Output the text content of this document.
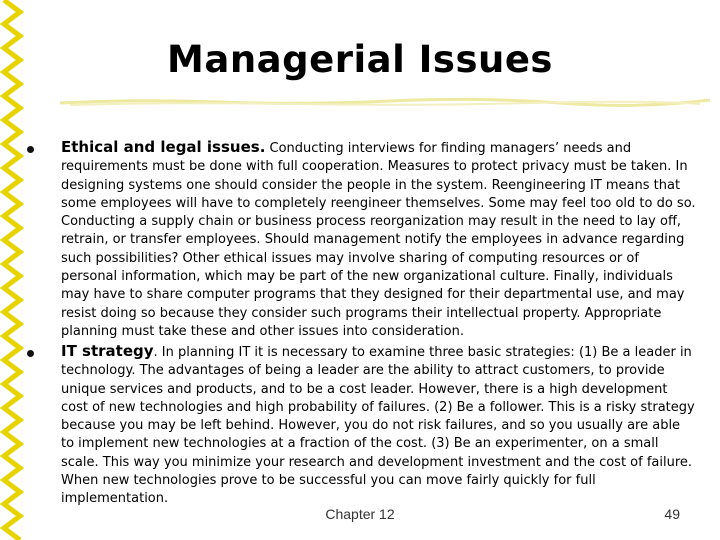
Managerial Issues
Ethical and legal issues. Conducting interviews for finding managers’ needs and requirements must be done with full cooperation. Measures to protect privacy must be taken. In designing systems one should consider the people in the system. Reengineering IT means that some employees will have to completely reengineer themselves. Some may feel too old to do so. Conducting a supply chain or business process reorganization may result in the need to lay off, retrain, or transfer employees. Should management notify the employees in advance regarding such possibilities? Other ethical issues may involve sharing of computing resources or of personal information, which may be part of the new organizational culture. Finally, individuals may have to share computer programs that they designed for their departmental use, and may resist doing so because they consider such programs their intellectual property. Appropriate planning must take these and other issues into consideration.
IT strategy. In planning IT it is necessary to examine three basic strategies: (1) Be a leader in technology. The advantages of being a leader are the ability to attract customers, to provide unique services and products, and to be a cost leader. However, there is a high development cost of new technologies and high probability of failures. (2) Be a follower. This is a risky strategy because you may be left behind. However, you do not risk failures, and so you usually are able to implement new technologies at a fraction of the cost. (3) Be an experimenter, on a small scale. This way you minimize your research and development investment and the cost of failure. When new technologies prove to be successful you can move fairly quickly for full implementation.
Chapter 12	49
